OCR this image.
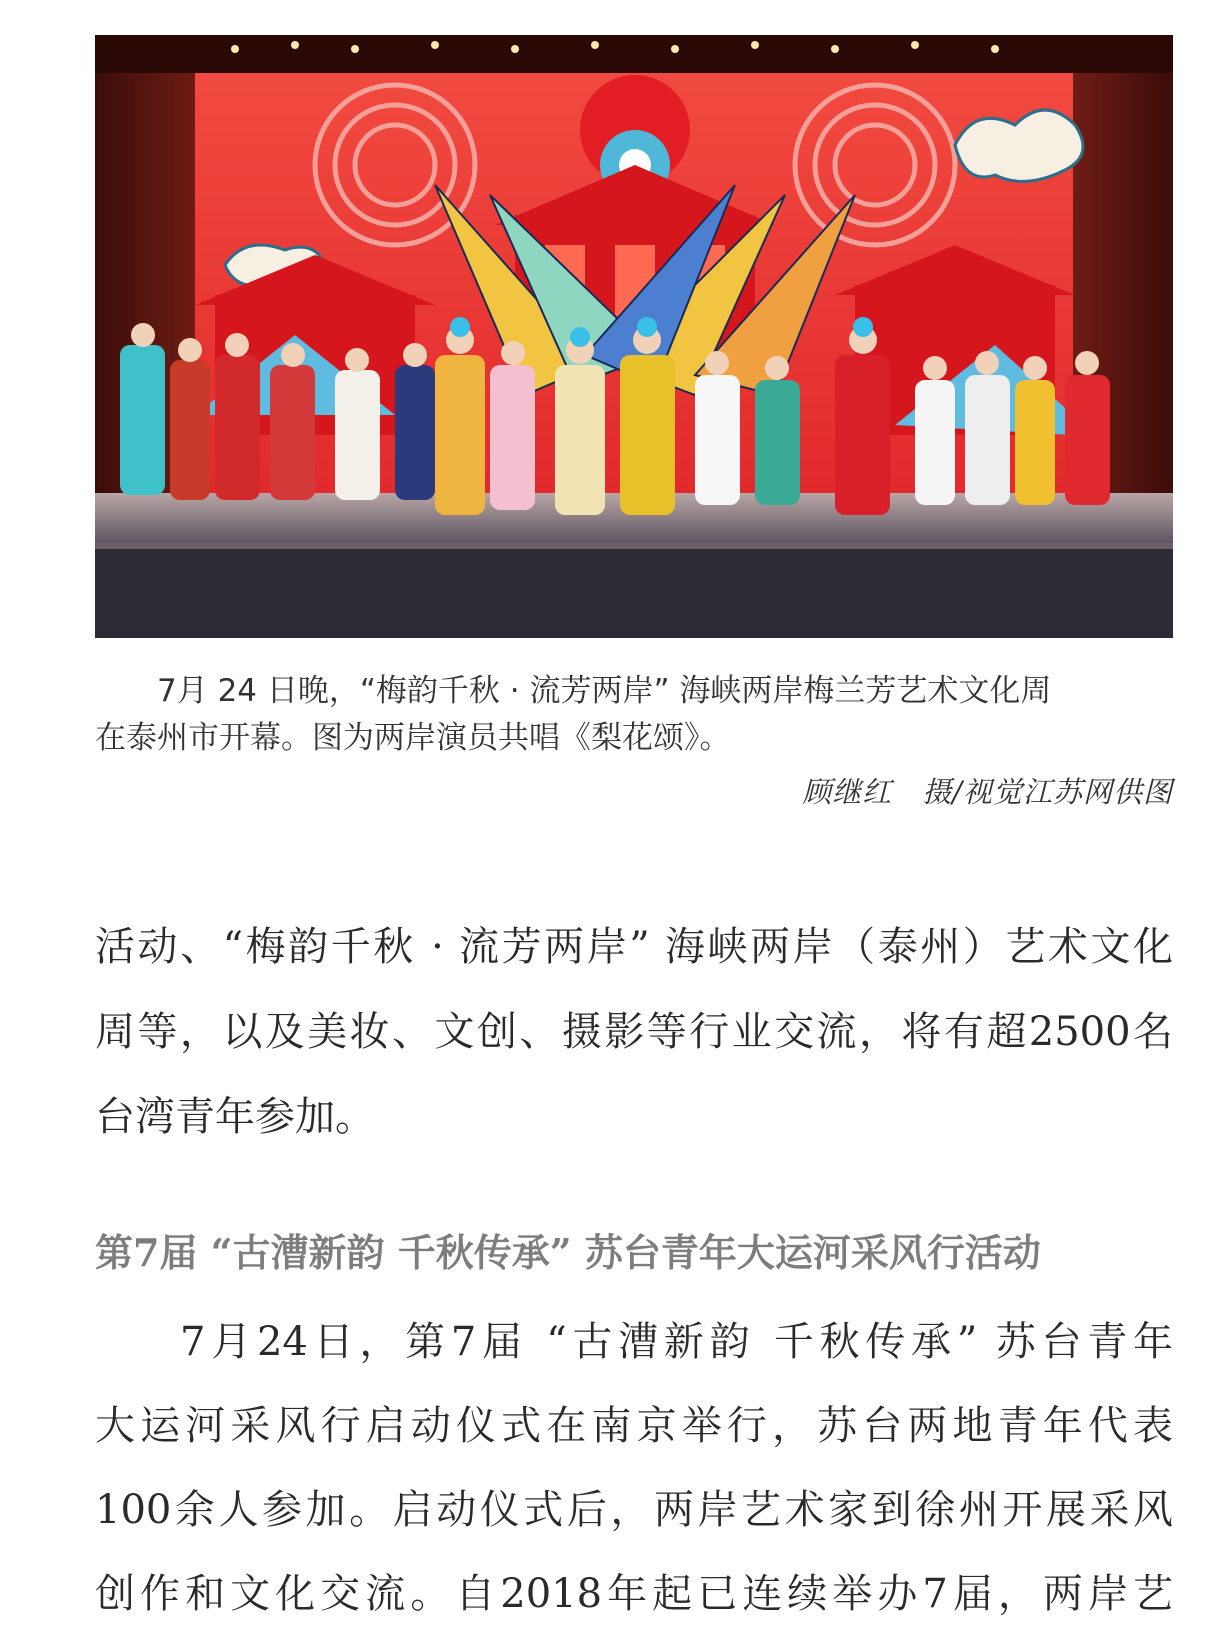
7月 24 日晚，“梅韵千秋 · 流芳两岸” 海峡两岸梅兰芳艺术文化周
在泰州市开幕。图为两岸演员共唱《梨花颂》。
顾继红　摄/视觉江苏网供图
活动、“梅韵千秋 · 流芳两岸” 海峡两岸（泰州）艺术文化
周等，以及美妆、文创、摄影等行业交流，将有超2500名
台湾青年参加。
第7届 “古漕新韵 千秋传承” 苏台青年大运河采风行活动
7月24日，第7届 “古漕新韵 千秋传承” 苏台青年
大运河采风行启动仪式在南京举行，苏台两地青年代表
100余人参加。启动仪式后，两岸艺术家到徐州开展采风
创作和文化交流。自2018年起已连续举办7届，两岸艺
